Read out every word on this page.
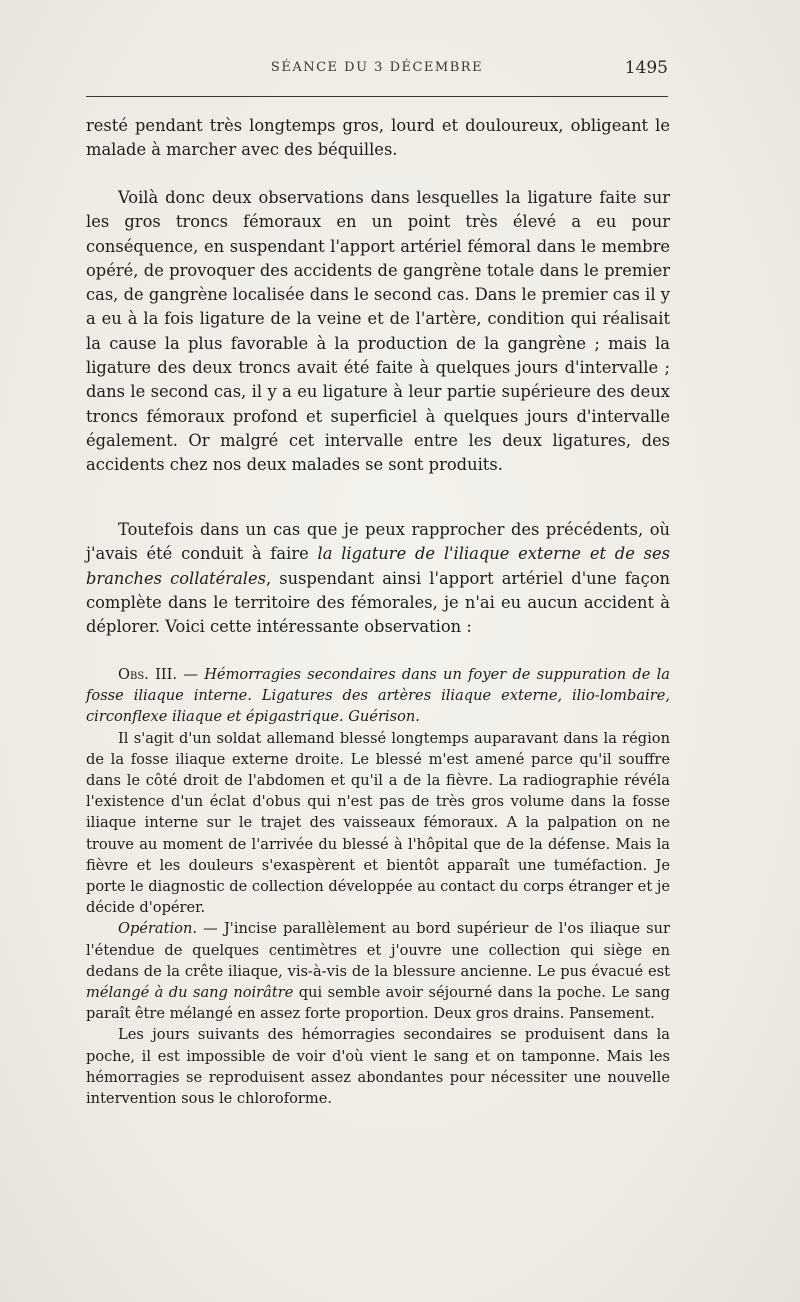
SÉANCE DU 3 DÉCEMBRE	1495

resté pendant très longtemps gros, lourd et douloureux, obligeant le malade à marcher avec des béquilles.

Voilà donc deux observations dans lesquelles la ligature faite sur les gros troncs fémoraux en un point très élevé a eu pour conséquence, en suspendant l'apport artériel fémoral dans le membre opéré, de provoquer des accidents de gangrène totale dans le premier cas, de gangrène localisée dans le second cas. Dans le premier cas il y a eu à la fois ligature de la veine et de l'artère, condition qui réalisait la cause la plus favorable à la production de la gangrène ; mais la ligature des deux troncs avait été faite à quelques jours d'intervalle ; dans le second cas, il y a eu ligature à leur partie supérieure des deux troncs fémoraux profond et superficiel à quelques jours d'intervalle également. Or malgré cet intervalle entre les deux ligatures, des accidents chez nos deux malades se sont produits.

Toutefois dans un cas que je peux rapprocher des précédents, où j'avais été conduit à faire la ligature de l'iliaque externe et de ses branches collatérales, suspendant ainsi l'apport artériel d'une façon complète dans le territoire des fémorales, je n'ai eu aucun accident à déplorer. Voici cette intéressante observation :

Obs. III. — Hémorragies secondaires dans un foyer de suppuration de la fosse iliaque interne. Ligatures des artères iliaque externe, ilio-lombaire, circonflexe iliaque et épigastrique. Guérison.

Il s'agit d'un soldat allemand blessé longtemps auparavant dans la région de la fosse iliaque externe droite. Le blessé m'est amené parce qu'il souffre dans le côté droit de l'abdomen et qu'il a de la fièvre. La radiographie révéla l'existence d'un éclat d'obus qui n'est pas de très gros volume dans la fosse iliaque interne sur le trajet des vaisseaux fémoraux. A la palpation on ne trouve au moment de l'arrivée du blessé à l'hôpital que de la défense. Mais la fièvre et les douleurs s'exaspèrent et bientôt apparaît une tuméfaction. Je porte le diagnostic de collection développée au contact du corps étranger et je décide d'opérer.

Opération. — J'incise parallèlement au bord supérieur de l'os iliaque sur l'étendue de quelques centimètres et j'ouvre une collection qui siège en dedans de la crête iliaque, vis-à-vis de la blessure ancienne. Le pus évacué est mélangé à du sang noirâtre qui semble avoir séjourné dans la poche. Le sang paraît être mélangé en assez forte proportion. Deux gros drains. Pansement.

Les jours suivants des hémorragies secondaires se produisent dans la poche, il est impossible de voir d'où vient le sang et on tamponne. Mais les hémorragies se reproduisent assez abondantes pour nécessiter une nouvelle intervention sous le chloroforme.
